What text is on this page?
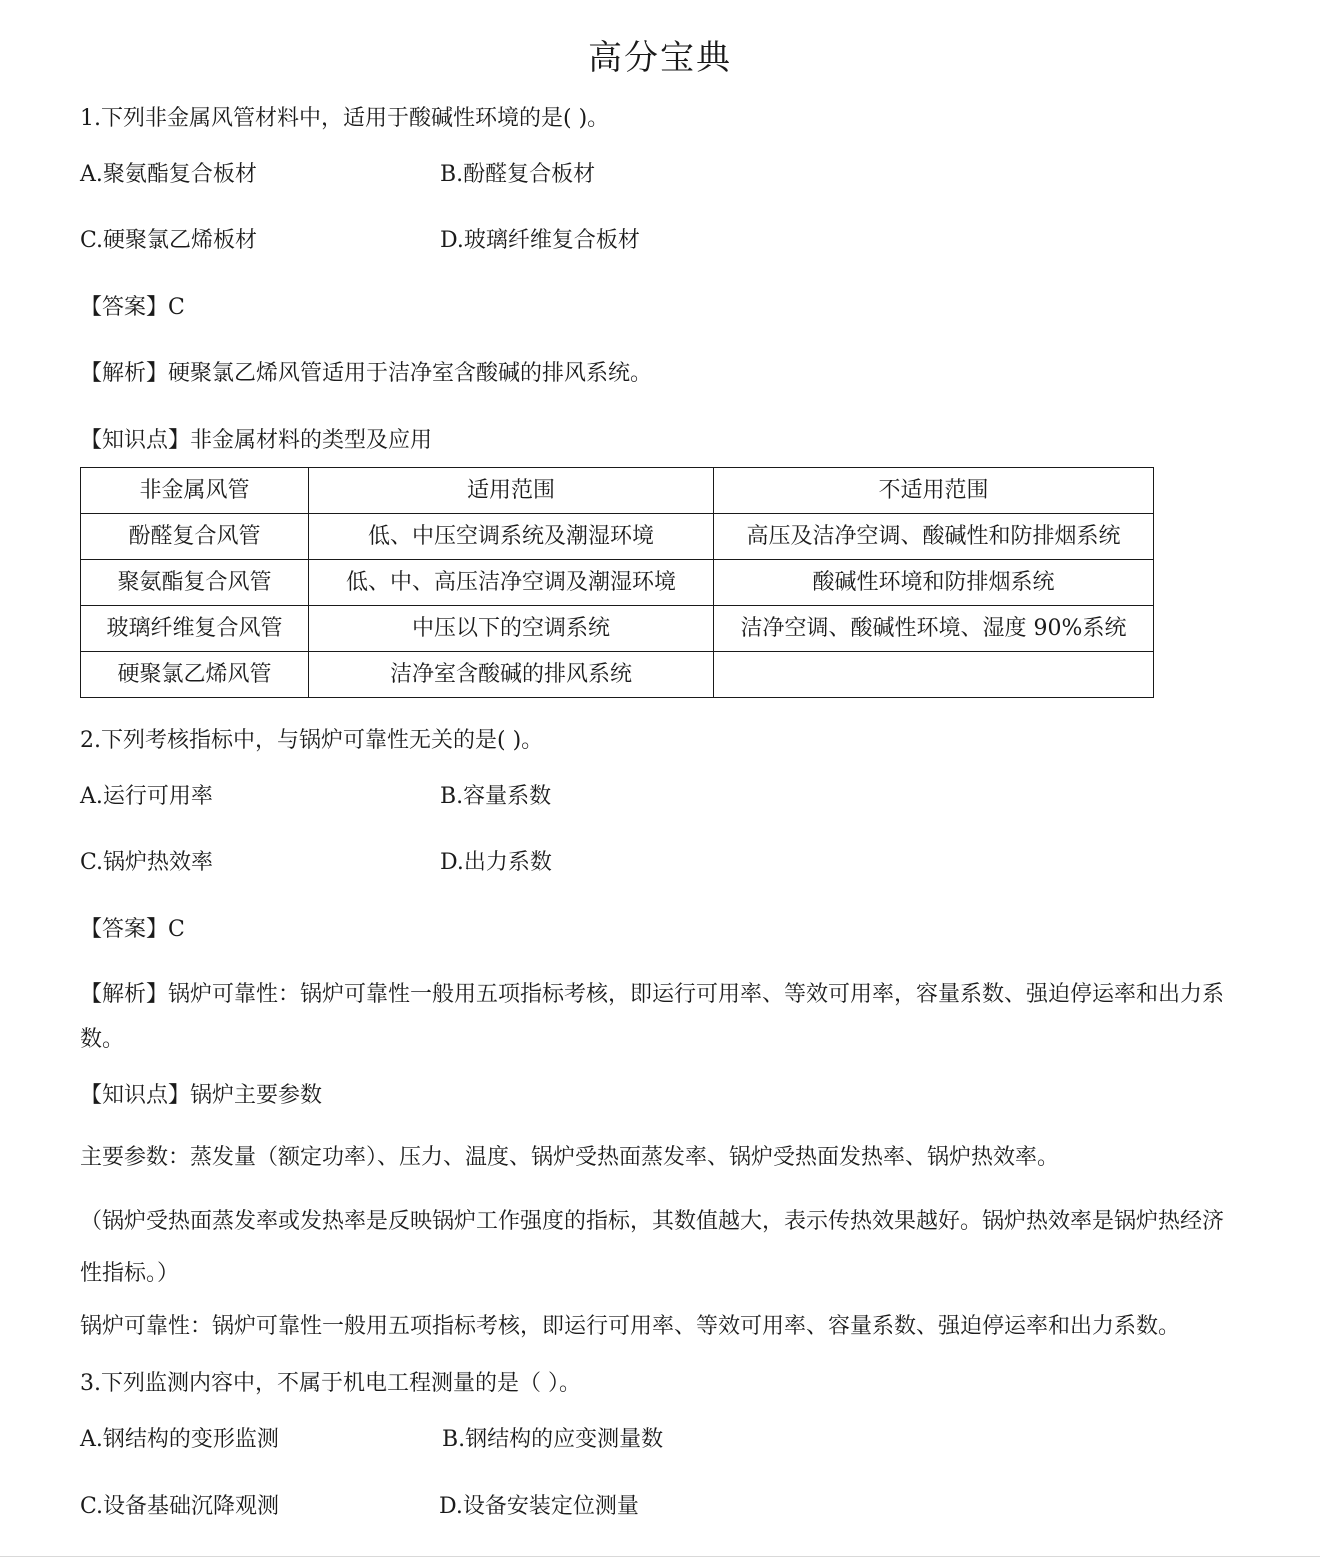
高分宝典
1.下列非金属风管材料中，适用于酸碱性环境的是( )。
A.聚氨酯复合板材	B.酚醛复合板材
C.硬聚氯乙烯板材	D.玻璃纤维复合板材
【答案】C
【解析】硬聚氯乙烯风管适用于洁净室含酸碱的排风系统。
【知识点】非金属材料的类型及应用
非金属风管	适用范围	不适用范围
酚醛复合风管	低、中压空调系统及潮湿环境	高压及洁净空调、酸碱性和防排烟系统
聚氨酯复合风管	低、中、高压洁净空调及潮湿环境	酸碱性环境和防排烟系统
玻璃纤维复合风管	中压以下的空调系统	洁净空调、酸碱性环境、湿度 90%系统
硬聚氯乙烯风管	洁净室含酸碱的排风系统	
2.下列考核指标中，与锅炉可靠性无关的是( )。
A.运行可用率	B.容量系数
C.锅炉热效率	D.出力系数
【答案】C
【解析】锅炉可靠性：锅炉可靠性一般用五项指标考核，即运行可用率、等效可用率，容量系数、强迫停运率和出力系数。
【知识点】锅炉主要参数
主要参数：蒸发量（额定功率）、压力、温度、锅炉受热面蒸发率、锅炉受热面发热率、锅炉热效率。
（锅炉受热面蒸发率或发热率是反映锅炉工作强度的指标，其数值越大，表示传热效果越好。锅炉热效率是锅炉热经济性指标。）
锅炉可靠性：锅炉可靠性一般用五项指标考核，即运行可用率、等效可用率、容量系数、强迫停运率和出力系数。
3.下列监测内容中，不属于机电工程测量的是（ ）。
A.钢结构的变形监测	B.钢结构的应变测量数
C.设备基础沉降观测	D.设备安装定位测量
